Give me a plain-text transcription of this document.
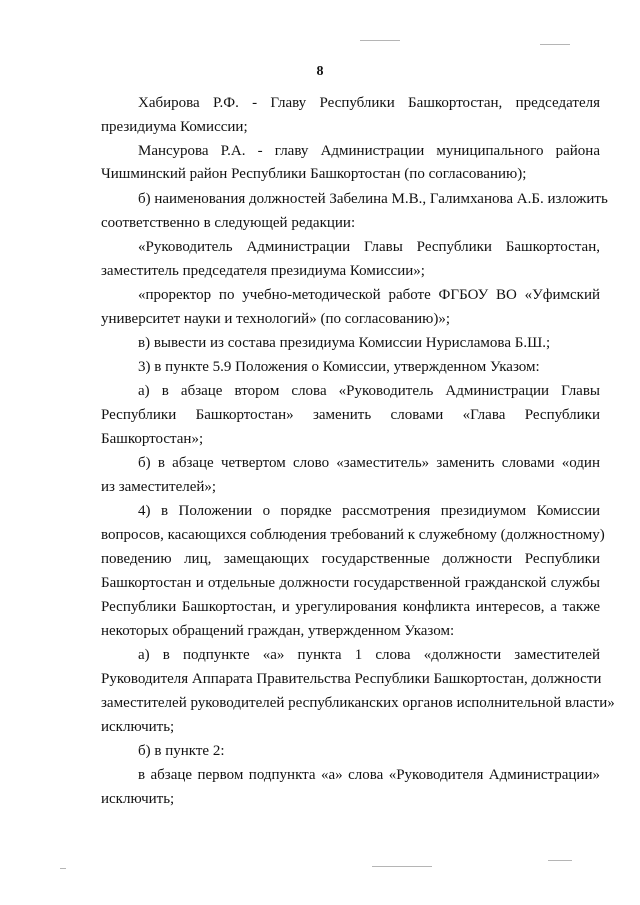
8
Хабирова Р.Ф. - Главу Республики Башкортостан, председателя
президиума Комиссии;
Мансурова Р.А. - главу Администрации муниципального района
Чишминский район Республики Башкортостан (по согласованию);
б) наименования должностей Забелина М.В., Галимханова А.Б. изложить
соответственно в следующей редакции:
«Руководитель Администрации Главы Республики Башкортостан,
заместитель председателя президиума Комиссии»;
«проректор по учебно-методической работе ФГБОУ ВО «Уфимский
университет науки и технологий» (по согласованию)»;
в) вывести из состава президиума Комиссии Нурисламова Б.Ш.;
3) в пункте 5.9 Положения о Комиссии, утвержденном Указом:
а) в абзаце втором слова «Руководитель Администрации Главы
Республики Башкортостан» заменить словами «Глава Республики
Башкортостан»;
б) в абзаце четвертом слово «заместитель» заменить словами «один
из заместителей»;
4) в Положении о порядке рассмотрения президиумом Комиссии
вопросов, касающихся соблюдения требований к служебному (должностному)
поведению лиц, замещающих государственные должности Республики
Башкортостан и отдельные должности государственной гражданской службы
Республики Башкортостан, и урегулирования конфликта интересов, а также
некоторых обращений граждан, утвержденном Указом:
а) в подпункте «а» пункта 1 слова «должности заместителей
Руководителя Аппарата Правительства Республики Башкортостан, должности
заместителей руководителей республиканских органов исполнительной власти»
исключить;
б) в пункте 2:
в абзаце первом подпункта «а» слова «Руководителя Администрации»
исключить;
